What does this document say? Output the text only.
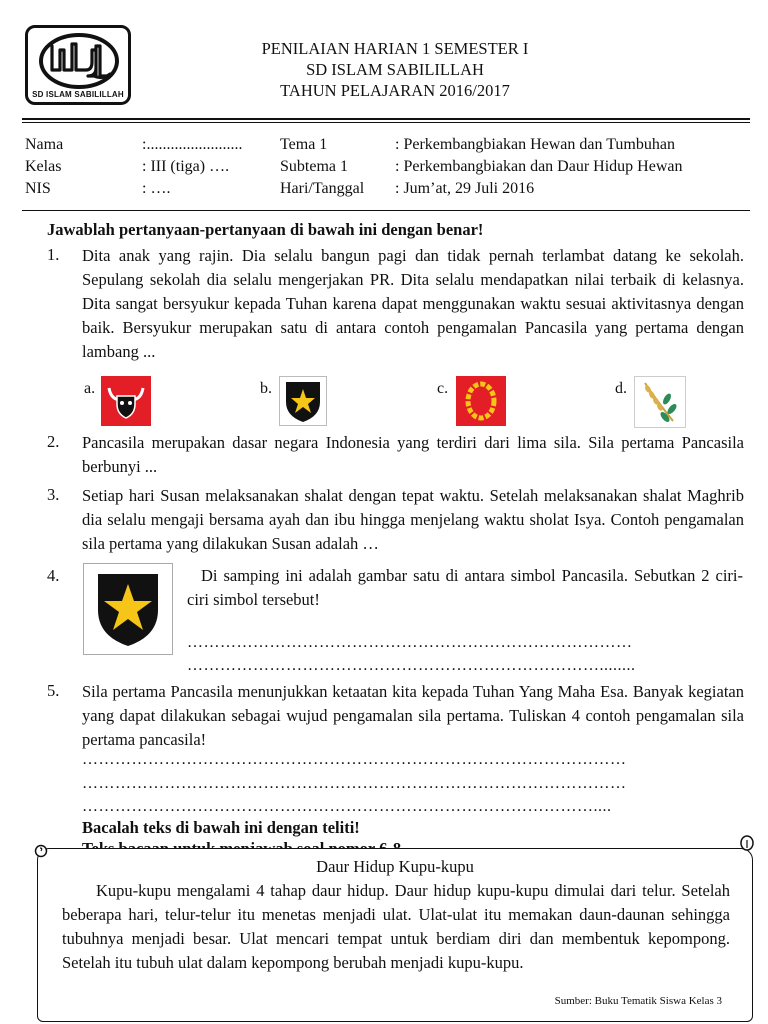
SD ISLAM SABILILLAH
PENILAIAN HARIAN 1 SEMESTER I
SD ISLAM SABILILLAH
TAHUN PELAJARAN 2016/2017
Nama	:........................
Kelas	: III (tiga) ….
NIS	: ….
Tema 1	: Perkembangbiakan Hewan dan Tumbuhan
Subtema 1	: Perkembangbiakan dan Daur Hidup Hewan
Hari/Tanggal : Jum’at, 29 Juli 2016
Jawablah pertanyaan-pertanyaan di bawah ini dengan benar!
1. Dita anak yang rajin. Dia selalu bangun pagi dan tidak pernah terlambat datang ke sekolah. Sepulang sekolah dia selalu mengerjakan PR. Dita selalu mendapatkan nilai terbaik di kelasnya. Dita sangat bersyukur kepada Tuhan karena dapat menggunakan waktu sesuai aktivitasnya dengan baik. Bersyukur merupakan satu di antara contoh pengamalan Pancasila yang pertama dengan lambang ...
a.	b.	c.	d.
2. Pancasila merupakan dasar negara Indonesia yang terdiri dari lima sila. Sila pertama Pancasila berbunyi ...
3. Setiap hari Susan melaksanakan shalat dengan tepat waktu. Setelah melaksanakan shalat Maghrib dia selalu mengaji bersama ayah dan ibu hingga menjelang waktu sholat Isya. Contoh pengamalan sila pertama yang dilakukan Susan adalah …
4.	Di samping ini adalah gambar satu di antara simbol Pancasila. Sebutkan 2 ciri-ciri simbol tersebut!
………………………………………………………………………
…………………………………………………………………........
5. Sila pertama Pancasila menunjukkan ketaatan kita kepada Tuhan Yang Maha Esa. Banyak kegiatan yang dapat dilakukan sebagai wujud pengamalan sila pertama. Tuliskan 4 contoh pengamalan sila pertama pancasila!
………………………………………………………………………………………
………………………………………………………………………………………
…………………………………………………………………………………....
Bacalah teks di bawah ini dengan teliti!
Daur Hidup Kupu-kupu
Kupu-kupu mengalami 4 tahap daur hidup. Daur hidup kupu-kupu dimulai dari telur. Setelah beberapa hari, telur-telur itu menetas menjadi ulat. Ulat-ulat itu memakan daun-daunan sehingga tubuhnya menjadi besar. Ulat mencari tempat untuk berdiam diri dan membentuk kepompong. Setelah itu tubuh ulat dalam kepompong berubah menjadi kupu-kupu.
Sumber: Buku Tematik Siswa Kelas 3
